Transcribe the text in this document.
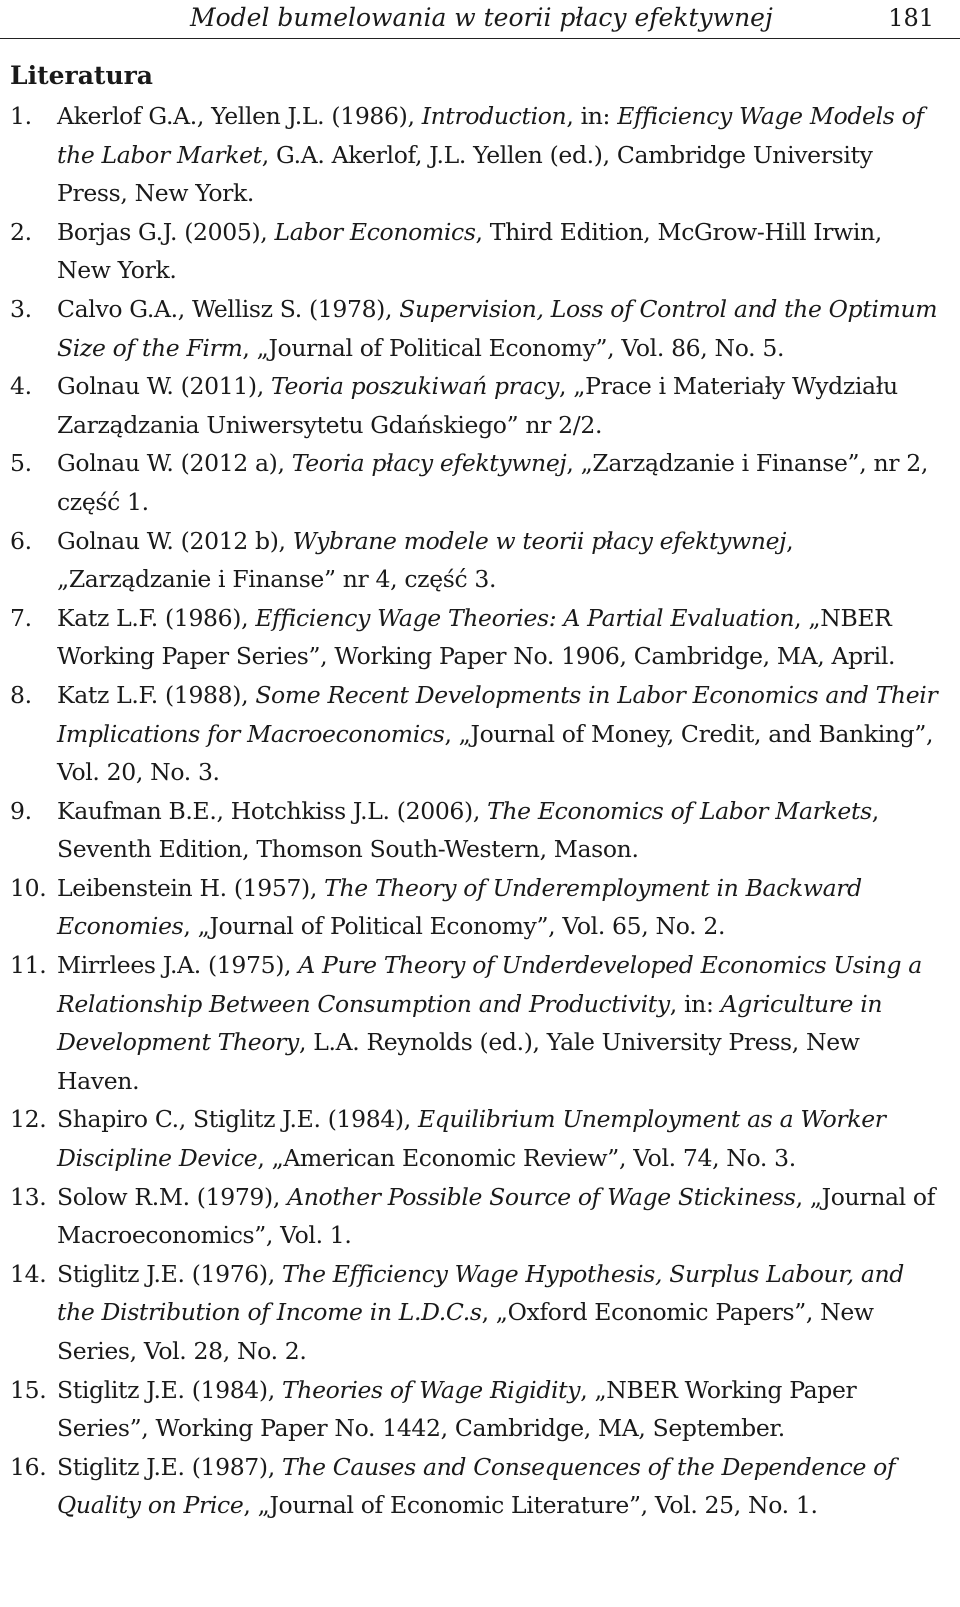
Model bumelowania w teorii płacy efektywnej	181
Literatura
1. Akerlof G.A., Yellen J.L. (1986), Introduction, in: Efficiency Wage Models of the Labor Market, G.A. Akerlof, J.L. Yellen (ed.), Cambridge University Press, New York.
2. Borjas G.J. (2005), Labor Economics, Third Edition, McGrow-Hill Irwin, New York.
3. Calvo G.A., Wellisz S. (1978), Supervision, Loss of Control and the Optimum Size of the Firm, „Journal of Political Economy”, Vol. 86, No. 5.
4. Golnau W. (2011), Teoria poszukiwań pracy, „Prace i Materiały Wydziału Zarządzania Uniwersytetu Gdańskiego” nr 2/2.
5. Golnau W. (2012 a), Teoria płacy efektywnej, „Zarządzanie i Finanse”, nr 2, część 1.
6. Golnau W. (2012 b), Wybrane modele w teorii płacy efektywnej, „Zarządzanie i Finanse” nr 4, część 3.
7. Katz L.F. (1986), Efficiency Wage Theories: A Partial Evaluation, „NBER Working Paper Series”, Working Paper No. 1906, Cambridge, MA, April.
8. Katz L.F. (1988), Some Recent Developments in Labor Economics and Their Implications for Macroeconomics, „Journal of Money, Credit, and Banking”, Vol. 20, No. 3.
9. Kaufman B.E., Hotchkiss J.L. (2006), The Economics of Labor Markets, Seventh Edition, Thomson South-Western, Mason.
10. Leibenstein H. (1957), The Theory of Underemployment in Backward Economies, „Journal of Political Economy”, Vol. 65, No. 2.
11. Mirrlees J.A. (1975), A Pure Theory of Underdeveloped Economics Using a Relationship Between Consumption and Productivity, in: Agriculture in Development Theory, L.A. Reynolds (ed.), Yale University Press, New Haven.
12. Shapiro C., Stiglitz J.E. (1984), Equilibrium Unemployment as a Worker Discipline Device, „American Economic Review”, Vol. 74, No. 3.
13. Solow R.M. (1979), Another Possible Source of Wage Stickiness, „Journal of Macroeconomics”, Vol. 1.
14. Stiglitz J.E. (1976), The Efficiency Wage Hypothesis, Surplus Labour, and the Distribution of Income in L.D.C.s, „Oxford Economic Papers”, New Series, Vol. 28, No. 2.
15. Stiglitz J.E. (1984), Theories of Wage Rigidity, „NBER Working Paper Series”, Working Paper No. 1442, Cambridge, MA, September.
16. Stiglitz J.E. (1987), The Causes and Consequences of the Dependence of Quality on Price, „Journal of Economic Literature”, Vol. 25, No. 1.
